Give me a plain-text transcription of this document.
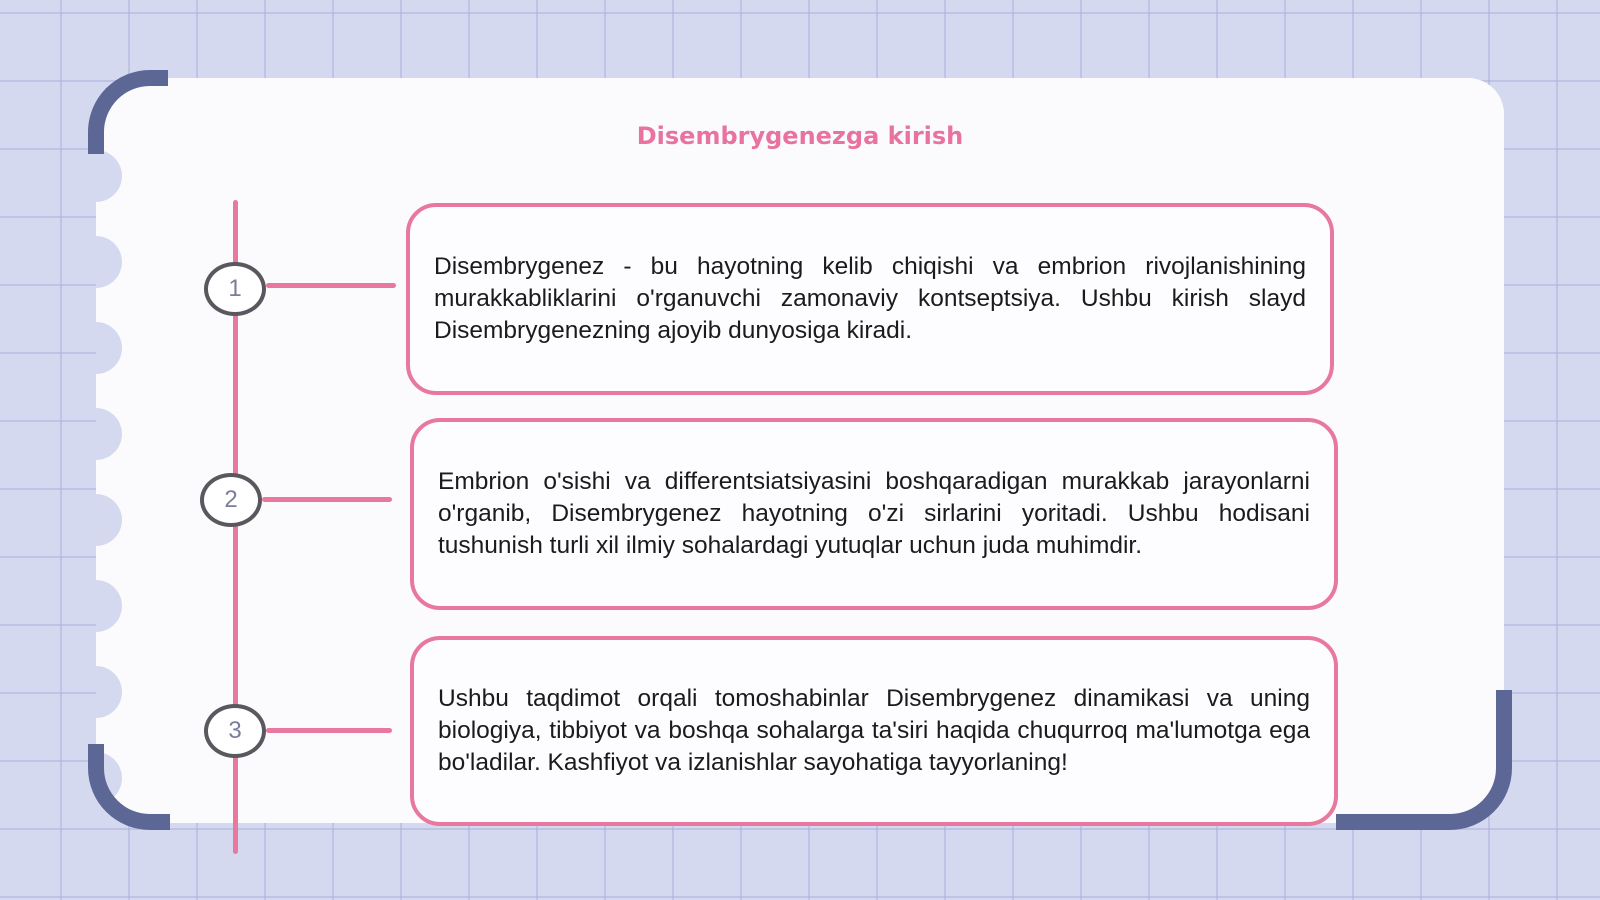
Disembrygenezga kirish
1
2
3

Disembrygenez - bu hayotning kelib chiqishi va embrion rivojlanishining murakkabliklarini o'rganuvchi zamonaviy kontseptsiya. Ushbu kirish slayd Disembrygenezning ajoyib dunyosiga kiradi.

Embrion o'sishi va differentsiatsiyasini boshqaradigan murakkab jarayonlarni o'rganib, Disembrygenez hayotning o'zi sirlarini yoritadi. Ushbu hodisani tushunish turli xil ilmiy sohalardagi yutuqlar uchun juda muhimdir.

Ushbu taqdimot orqali tomoshabinlar Disembrygenez dinamikasi va uning biologiya, tibbiyot va boshqa sohalarga ta'siri haqida chuqurroq ma'lumotga ega bo'ladilar. Kashfiyot va izlanishlar sayohatiga tayyorlaning!
